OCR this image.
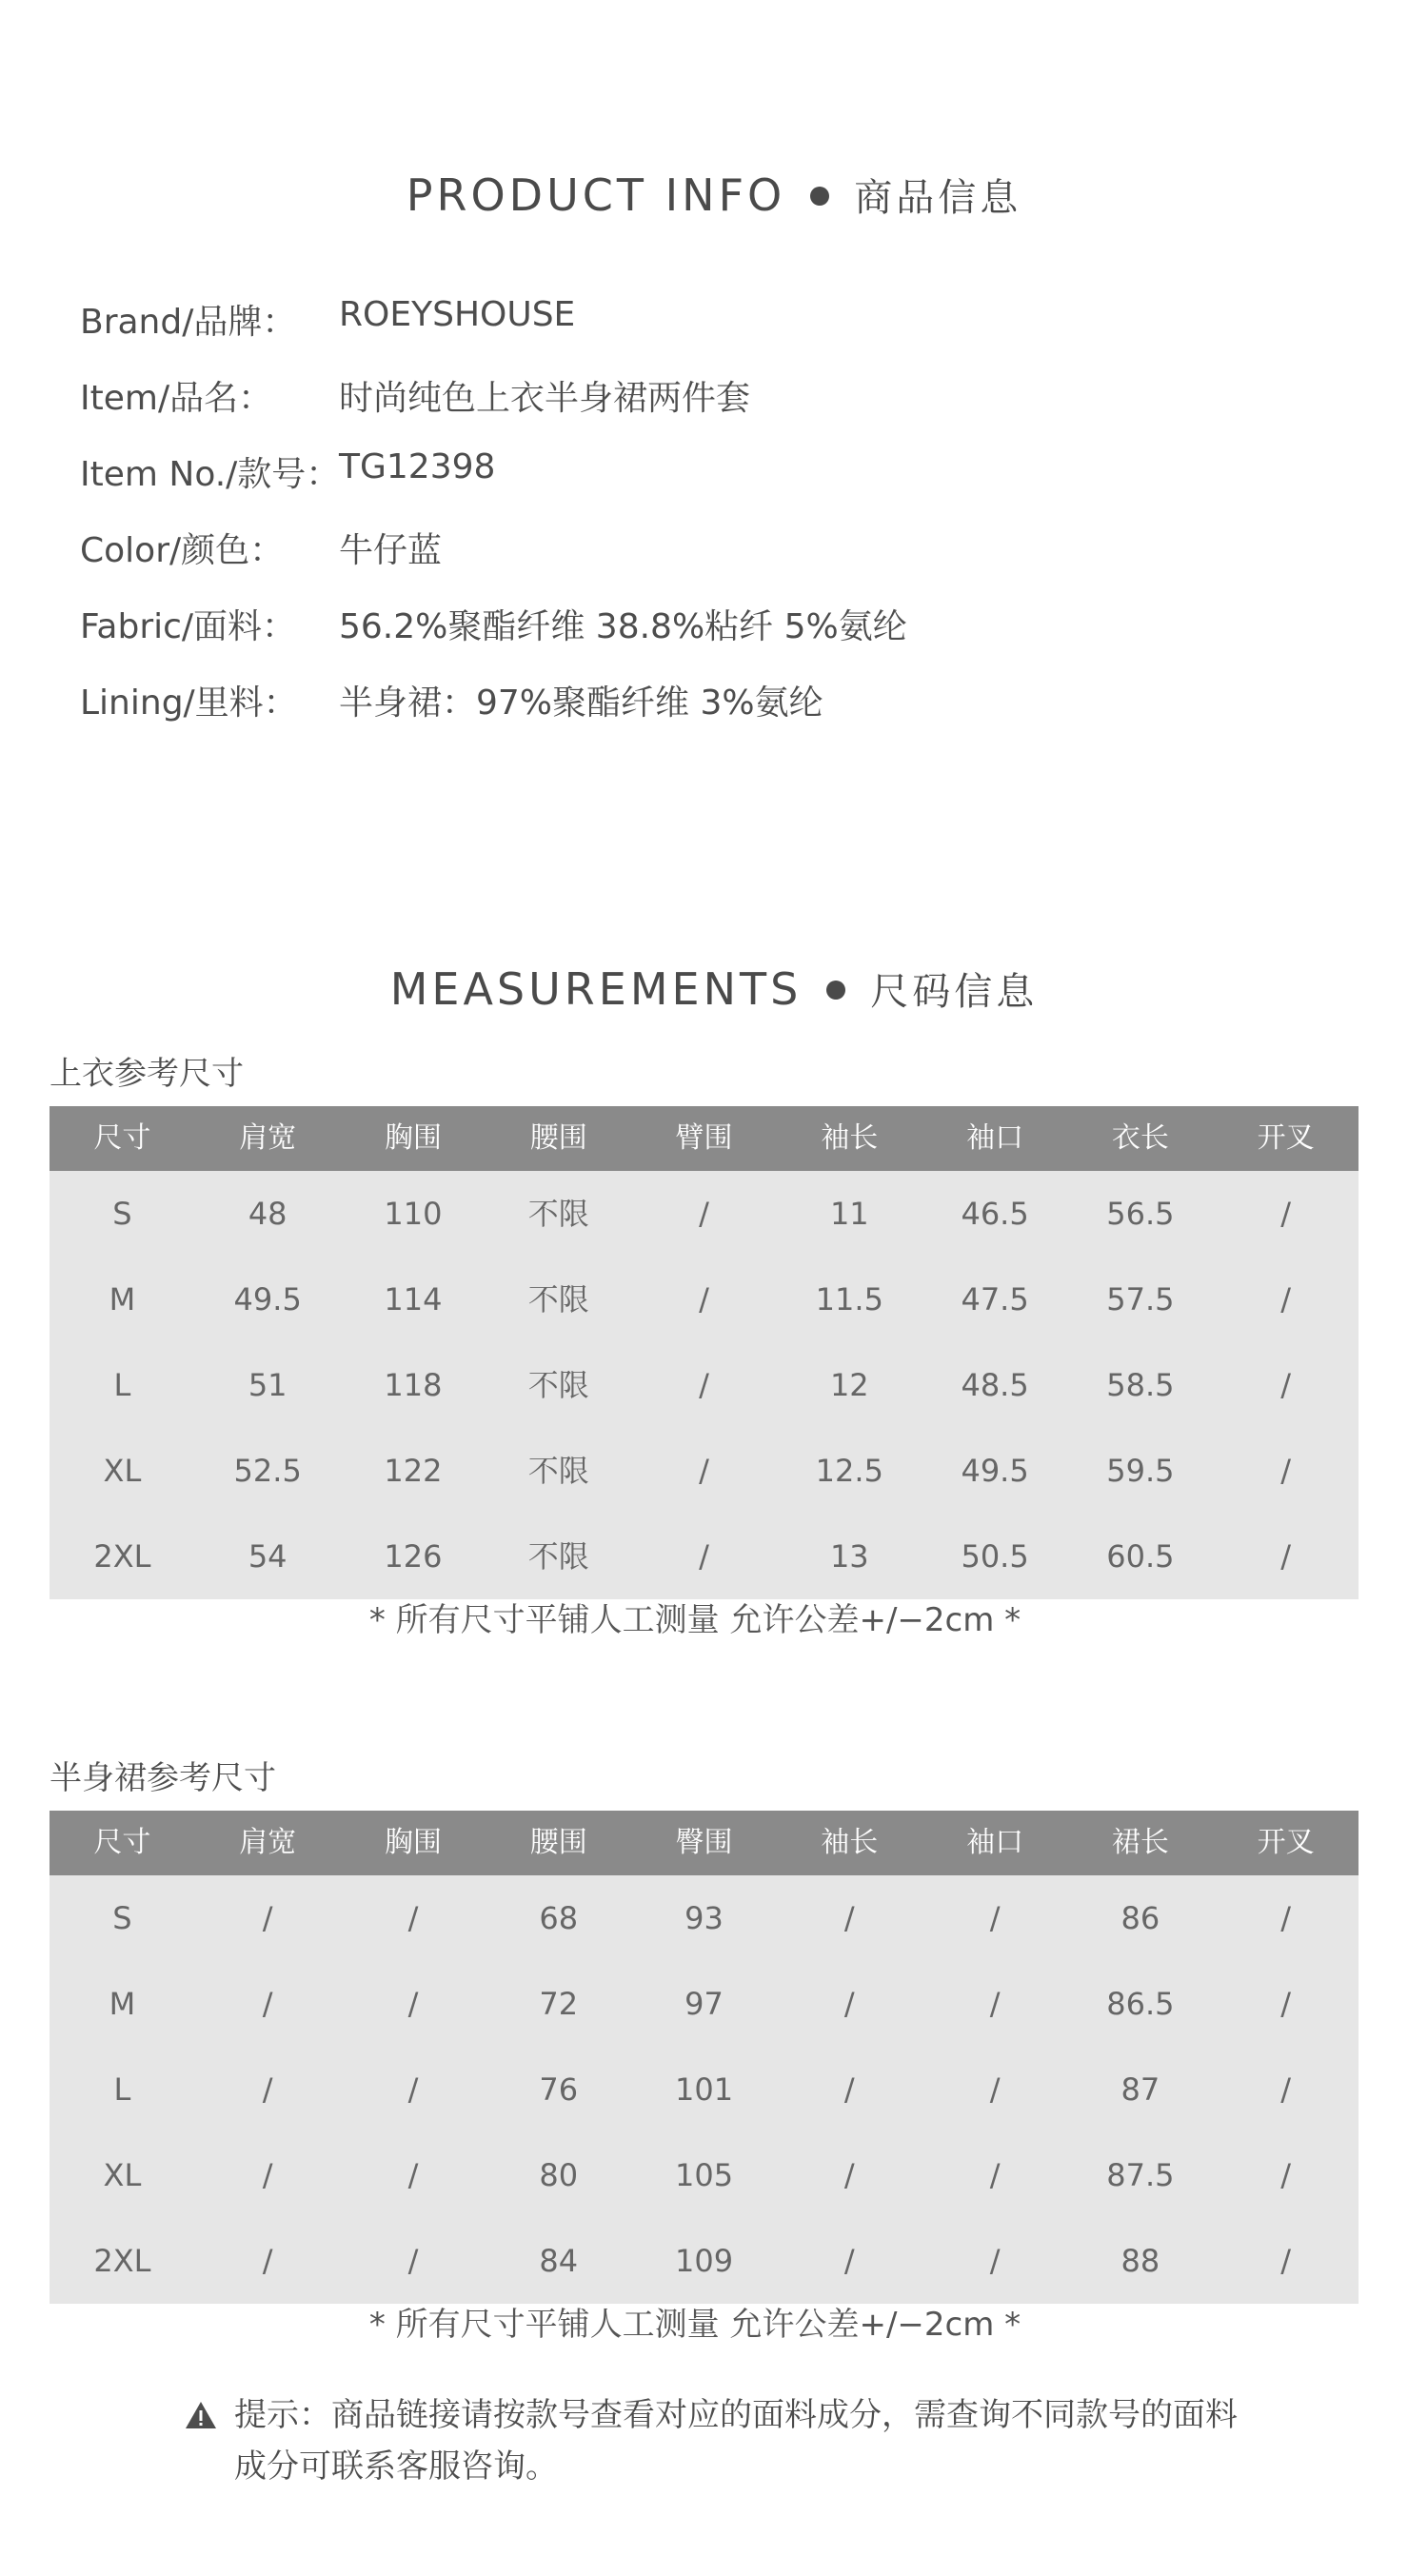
PRODUCT INFO 商品信息
Brand/品牌： ROEYSHOUSE
Item/品名： 时尚纯色上衣半身裙两件套
Item No./款号：
TG12398
Color/颜色： 牛仔蓝
Fabric/面料： 56.2%聚酯纤维 38.8%粘纤 5%氨纶
Lining/里料： 半身裙：97%聚酯纤维 3%氨纶
MEASUREMENTS 尺码信息
上衣参考尺寸
尺寸	肩宽	胸围	腰围	臂围	袖长	袖口	衣长	开叉
S	48	110	不限	/	11	46.5	56.5	/
M	49.5	114	不限	/	11.5	47.5	57.5	/
L	51	118	不限	/	12	48.5	58.5	/
XL	52.5	122	不限	/	12.5	49.5	59.5	/
2XL	54	126	不限	/	13	50.5	60.5	/
* 所有尺寸平铺人工测量 允许公差+/−2cm *
半身裙参考尺寸
尺寸	肩宽	胸围	腰围	臀围	袖长	袖口	裙长	开叉
S	/	/	68	93	/	/	86	/
M	/	/	72	97	/	/	86.5	/
L	/	/	76	101	/	/	87	/
XL	/	/	80	105	/	/	87.5	/
2XL	/	/	84	109	/	/	88	/
* 所有尺寸平铺人工测量 允许公差+/−2cm *
提示：商品链接请按款号查看对应的面料成分，需查询不同款号的面料成分可联系客服咨询。
